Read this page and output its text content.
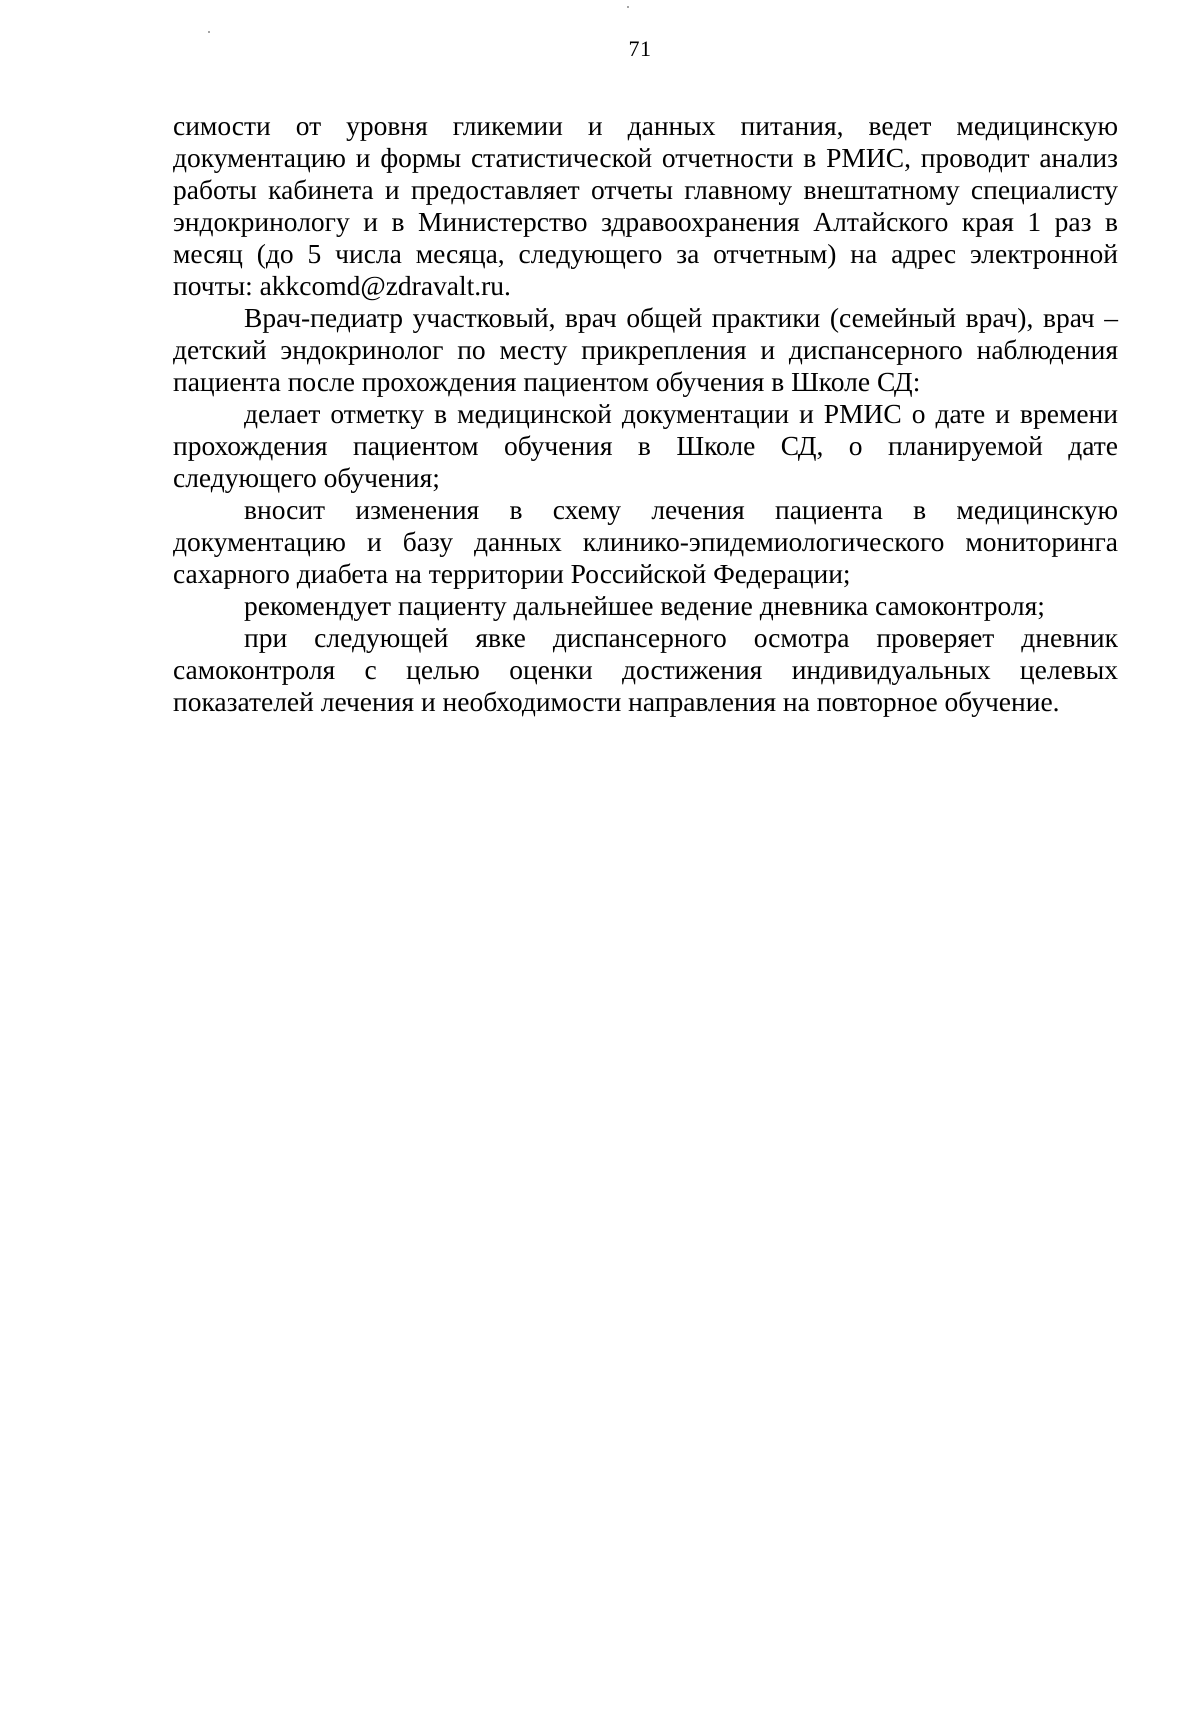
71

симости от уровня гликемии и данных питания, ведет медицинскую документацию и формы статистической отчетности в РМИС, проводит анализ работы кабинета и предоставляет отчеты главному внештатному специалисту эндокринологу и в Министерство здравоохранения Алтайского края 1 раз в месяц (до 5 числа месяца, следующего за отчетным) на адрес электронной почты: akkcomd@zdravalt.ru.

Врач-педиатр участковый, врач общей практики (семейный врач), врач – детский эндокринолог по месту прикрепления и диспансерного наблюдения пациента после прохождения пациентом обучения в Школе СД:

делает отметку в медицинской документации и РМИС о дате и времени прохождения пациентом обучения в Школе СД, о планируемой дате следующего обучения;

вносит изменения в схему лечения пациента в медицинскую документацию и базу данных клинико-эпидемиологического мониторинга сахарного диабета на территории Российской Федерации;

рекомендует пациенту дальнейшее ведение дневника самоконтроля;

при следующей явке диспансерного осмотра проверяет дневник самоконтроля с целью оценки достижения индивидуальных целевых показателей лечения и необходимости направления на повторное обучение.
